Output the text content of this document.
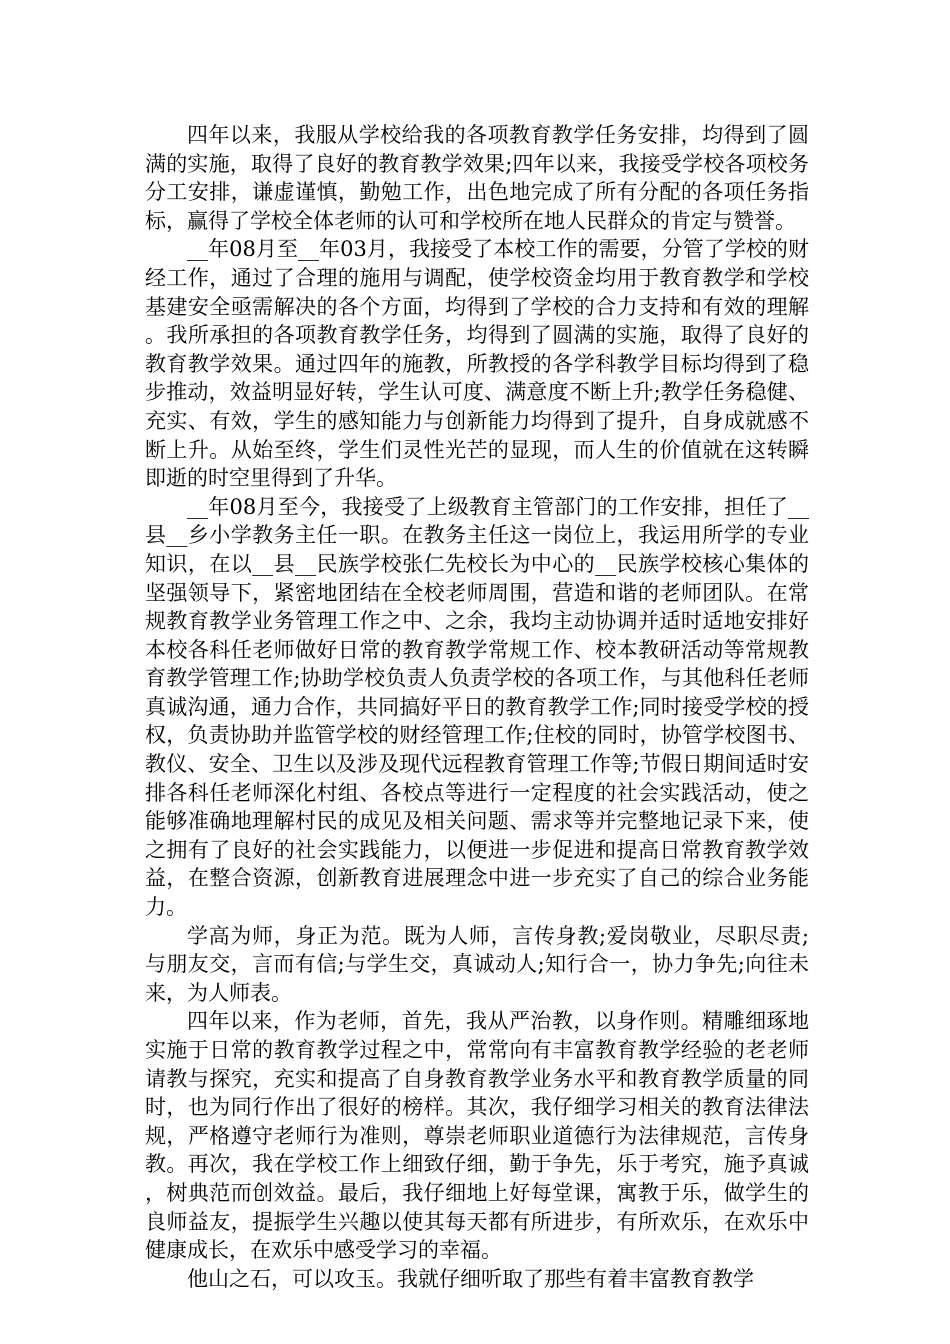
四年以来，我服从学校给我的各项教育教学任务安排，均得到了圆满的实施，取得了良好的教育教学效果;四年以来，我接受学校各项校务分工安排，谦虚谨慎，勤勉工作，出色地完成了所有分配的各项任务指标，赢得了学校全体老师的认可和学校所在地人民群众的肯定与赞誉。

__年08月至__年03月，我接受了本校工作的需要，分管了学校的财经工作，通过了合理的施用与调配，使学校资金均用于教育教学和学校基建安全亟需解决的各个方面，均得到了学校的合力支持和有效的理解。我所承担的各项教育教学任务，均得到了圆满的实施，取得了良好的教育教学效果。通过四年的施教，所教授的各学科教学目标均得到了稳步推动，效益明显好转，学生认可度、满意度不断上升;教学任务稳健、充实、有效，学生的感知能力与创新能力均得到了提升，自身成就感不断上升。从始至终，学生们灵性光芒的显现，而人生的价值就在这转瞬即逝的时空里得到了升华。

__年08月至今，我接受了上级教育主管部门的工作安排，担任了__县__乡小学教务主任一职。在教务主任这一岗位上，我运用所学的专业知识，在以__县__民族学校张仁先校长为中心的__民族学校核心集体的坚强领导下，紧密地团结在全校老师周围，营造和谐的老师团队。在常规教育教学业务管理工作之中、之余，我均主动协调并适时适地安排好本校各科任老师做好日常的教育教学常规工作、校本教研活动等常规教育教学管理工作;协助学校负责人负责学校的各项工作，与其他科任老师真诚沟通，通力合作，共同搞好平日的教育教学工作;同时接受学校的授权，负责协助并监管学校的财经管理工作;住校的同时，协管学校图书、教仪、安全、卫生以及涉及现代远程教育管理工作等;节假日期间适时安排各科任老师深化村组、各校点等进行一定程度的社会实践活动，使之能够准确地理解村民的成见及相关问题、需求等并完整地记录下来，使之拥有了良好的社会实践能力，以便进一步促进和提高日常教育教学效益，在整合资源，创新教育进展理念中进一步充实了自己的综合业务能力。

学高为师，身正为范。既为人师，言传身教;爱岗敬业，尽职尽责;与朋友交，言而有信;与学生交，真诚动人;知行合一，协力争先;向往未来，为人师表。

四年以来，作为老师，首先，我从严治教，以身作则。精雕细琢地实施于日常的教育教学过程之中，常常向有丰富教育教学经验的老老师请教与探究，充实和提高了自身教育教学业务水平和教育教学质量的同时，也为同行作出了很好的榜样。其次，我仔细学习相关的教育法律法规，严格遵守老师行为准则，尊崇老师职业道德行为法律规范，言传身教。再次，我在学校工作上细致仔细，勤于争先，乐于考究，施予真诚，树典范而创效益。最后，我仔细地上好每堂课，寓教于乐，做学生的良师益友，提振学生兴趣以使其每天都有所进步，有所欢乐，在欢乐中健康成长，在欢乐中感受学习的幸福。

他山之石，可以攻玉。我就仔细听取了那些有着丰富教育教学
